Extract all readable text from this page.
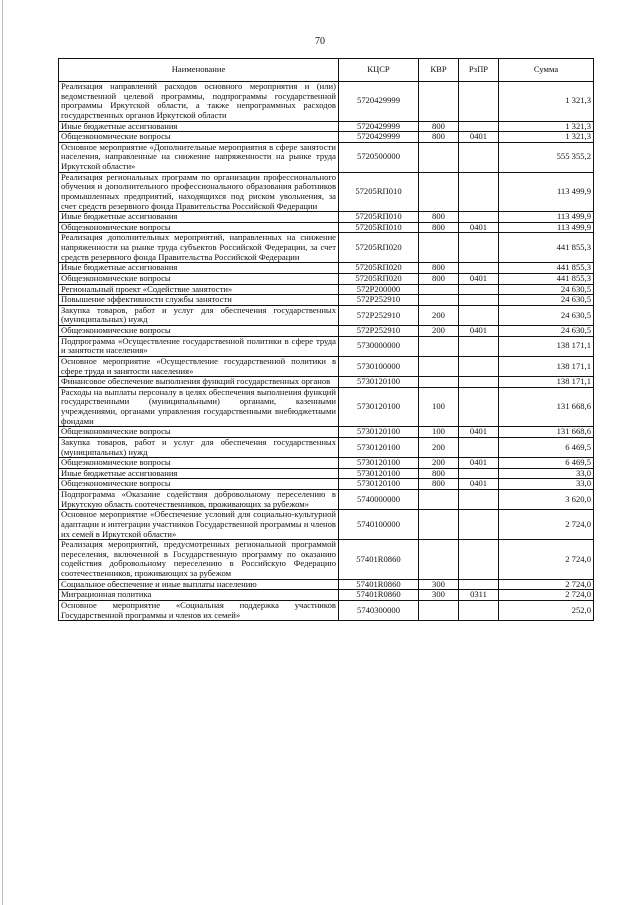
70
Наименование	КЦСР	КВР	РзПР	Сумма
Реализация направлений расходов основного мероприятия и (или) ведомственной целевой программы, подпрограммы государственной программы Иркутской области, а также непрограммных расходов государственных органов Иркутской области	5720429999			1 321,3
Иные бюджетные ассигнования	5720429999	800		1 321,3
Общеэкономические вопросы	5720429999	800	0401	1 321,3
Основное мероприятие «Дополнительные мероприятия в сфере занятости населения, направленные на снижение напряженности на рынке труда Иркутской области»	5720500000			555 355,2
Реализация региональных программ по организации профессионального обучения и дополнительного профессионального образования работников промышленных предприятий, находящихся под риском увольнения, за счет средств резервного фонда Правительства Российской Федерации	57205RП010			113 499,9
Иные бюджетные ассигнования	57205RП010	800		113 499,9
Общеэкономические вопросы	57205RП010	800	0401	113 499,9
Реализация дополнительных мероприятий, направленных на снижение напряженности на рынке труда субъектов Российской Федерации, за счет средств резервного фонда Правительства Российской Федерации	57205RП020			441 855,3
Иные бюджетные ассигнования	57205RП020	800		441 855,3
Общеэкономические вопросы	57205RП020	800	0401	441 855,3
Региональный проект «Содействие занятости»	572P200000			24 630,5
Повышение эффективности службы занятости	572P252910			24 630,5
Закупка товаров, работ и услуг для обеспечения государственных (муниципальных) нужд	572P252910	200		24 630,5
Общеэкономические вопросы	572P252910	200	0401	24 630,5
Подпрограмма «Осуществление государственной политики в сфере труда и занятости населения»	5730000000			138 171,1
Основное мероприятие «Осуществление государственной политики в сфере труда и занятости населения»	5730100000			138 171,1
Финансовое обеспечение выполнения функций государственных органов	5730120100			138 171,1
Расходы на выплаты персоналу в целях обеспечения выполнения функций государственными (муниципальными) органами, казенными учреждениями, органами управления государственными внебюджетными фондами	5730120100	100		131 668,6
Общеэкономические вопросы	5730120100	100	0401	131 668,6
Закупка товаров, работ и услуг для обеспечения государственных (муниципальных) нужд	5730120100	200		6 469,5
Общеэкономические вопросы	5730120100	200	0401	6 469,5
Иные бюджетные ассигнования	5730120100	800		33,0
Общеэкономические вопросы	5730120100	800	0401	33,0
Подпрограмма «Оказание содействия добровольному переселению в Иркутскую область соотечественников, проживающих за рубежом»	5740000000			3 620,0
Основное мероприятие «Обеспечение условий для социально-культурной адаптации и интеграции участников Государственной программы и членов их семей в Иркутской области»	5740100000			2 724,0
Реализация мероприятий, предусмотренных региональной программой переселения, включенной в Государственную программу по оказанию содействия добровольному переселению в Российскую Федерацию соотечественников, проживающих за рубежом	57401R0860			2 724,0
Социальное обеспечение и иные выплаты населению	57401R0860	300		2 724,0
Миграционная политика	57401R0860	300	0311	2 724,0
Основное мероприятие «Социальная поддержка участников Государственной программы и членов их семей»	5740300000			252,0
